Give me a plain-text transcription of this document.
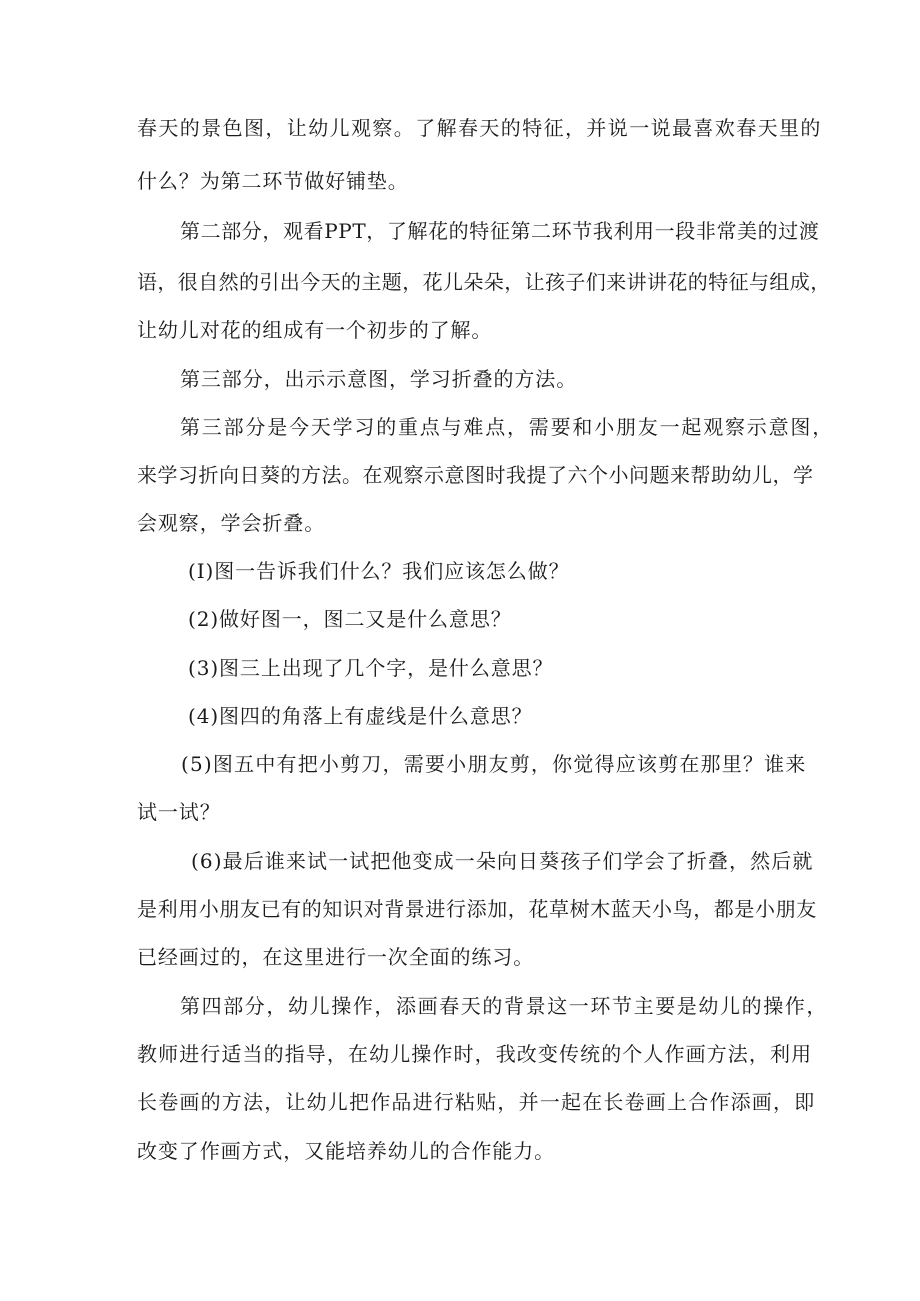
春天的景色图，让幼儿观察。了解春天的特征，并说一说最喜欢春天里的
什么？为第二环节做好铺垫。
第二部分，观看PPT，了解花的特征第二环节我利用一段非常美的过渡
语，很自然的引出今天的主题，花儿朵朵，让孩子们来讲讲花的特征与组成，
让幼儿对花的组成有一个初步的了解。
第三部分，出示示意图，学习折叠的方法。
第三部分是今天学习的重点与难点，需要和小朋友一起观察示意图，
来学习折向日葵的方法。在观察示意图时我提了六个小问题来帮助幼儿，学
会观察，学会折叠。
(I)图一告诉我们什么？我们应该怎么做？
(2)做好图一，图二又是什么意思？
(3)图三上出现了几个字，是什么意思？
(4)图四的角落上有虚线是什么意思？
(5)图五中有把小剪刀，需要小朋友剪，你觉得应该剪在那里？谁来
试一试？
(6)最后谁来试一试把他变成一朵向日葵孩子们学会了折叠，然后就
是利用小朋友已有的知识对背景进行添加，花草树木蓝天小鸟，都是小朋友
已经画过的，在这里进行一次全面的练习。
第四部分，幼儿操作，添画春天的背景这一环节主要是幼儿的操作，
教师进行适当的指导，在幼儿操作时，我改变传统的个人作画方法，利用
长卷画的方法，让幼儿把作品进行粘贴，并一起在长卷画上合作添画，即
改变了作画方式，又能培养幼儿的合作能力。
